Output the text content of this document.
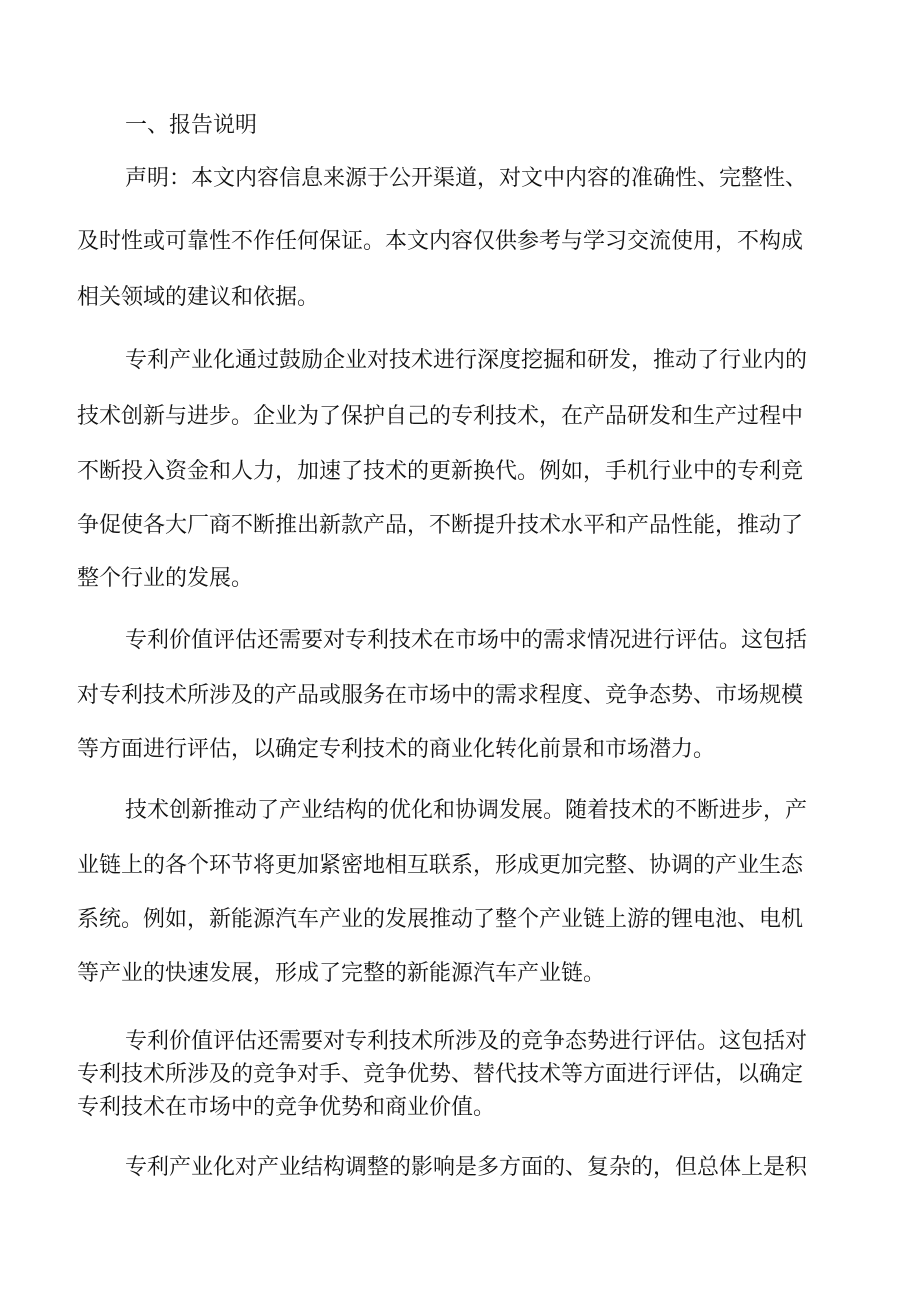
一、报告说明
声明：本文内容信息来源于公开渠道，对文中内容的准确性、完整性、
及时性或可靠性不作任何保证。本文内容仅供参考与学习交流使用，不构成
相关领域的建议和依据。
专利产业化通过鼓励企业对技术进行深度挖掘和研发，推动了行业内的
技术创新与进步。企业为了保护自己的专利技术，在产品研发和生产过程中
不断投入资金和人力，加速了技术的更新换代。例如，手机行业中的专利竞
争促使各大厂商不断推出新款产品，不断提升技术水平和产品性能，推动了
整个行业的发展。
专利价值评估还需要对专利技术在市场中的需求情况进行评估。这包括
对专利技术所涉及的产品或服务在市场中的需求程度、竞争态势、市场规模
等方面进行评估，以确定专利技术的商业化转化前景和市场潜力。
技术创新推动了产业结构的优化和协调发展。随着技术的不断进步，产
业链上的各个环节将更加紧密地相互联系，形成更加完整、协调的产业生态
系统。例如，新能源汽车产业的发展推动了整个产业链上游的锂电池、电机
等产业的快速发展，形成了完整的新能源汽车产业链。
专利价值评估还需要对专利技术所涉及的竞争态势进行评估。这包括对
专利技术所涉及的竞争对手、竞争优势、替代技术等方面进行评估，以确定
专利技术在市场中的竞争优势和商业价值。
专利产业化对产业结构调整的影响是多方面的、复杂的，但总体上是积
